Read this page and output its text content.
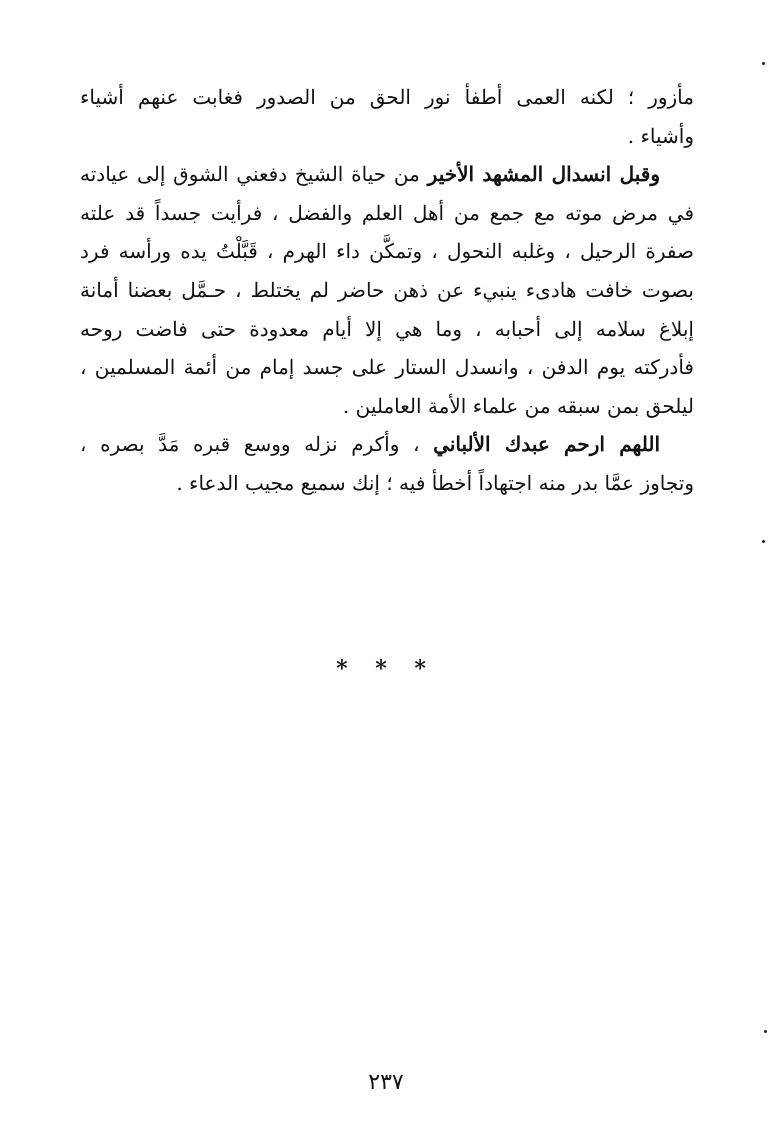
مأزور ؛ لكنه العمى أطفأ نور الحق من الصدور فغابت عنهم أشياء
وأشياء .
وقبل انسدال المشهد الأخير من حياة الشيخ دفعني الشوق إلى عيادته
في مرض موته مع جمع من أهل العلم والفضل ، فرأيت جسداً قد علته
صفرة الرحيل ، وغلبه النحول ، وتمكَّن داء الهرم ، قَبَّلْتُ يده ورأسه فرد
بصوت خافت هادىء ينبيء عن ذهن حاضر لم يختلط ، حـمَّل بعضنا أمانة
إبلاغ سلامه إلى أحبابه ، وما هي إلا أيام معدودة حتى فاضت روحه
فأدركته يوم الدفن ، وانسدل الستار على جسد إمام من أئمة المسلمين ،
ليلحق بمن سبقه من علماء الأمة العاملين .
اللهم ارحم عبدك الألباني ، وأكرم نزله ووسع قبره مَدَّ بصره ،
وتجاوز عمَّا بدر منه اجتهاداً أخطأ فيه ؛ إنك سميع مجيب الدعاء .
* * *
٢٣٧
